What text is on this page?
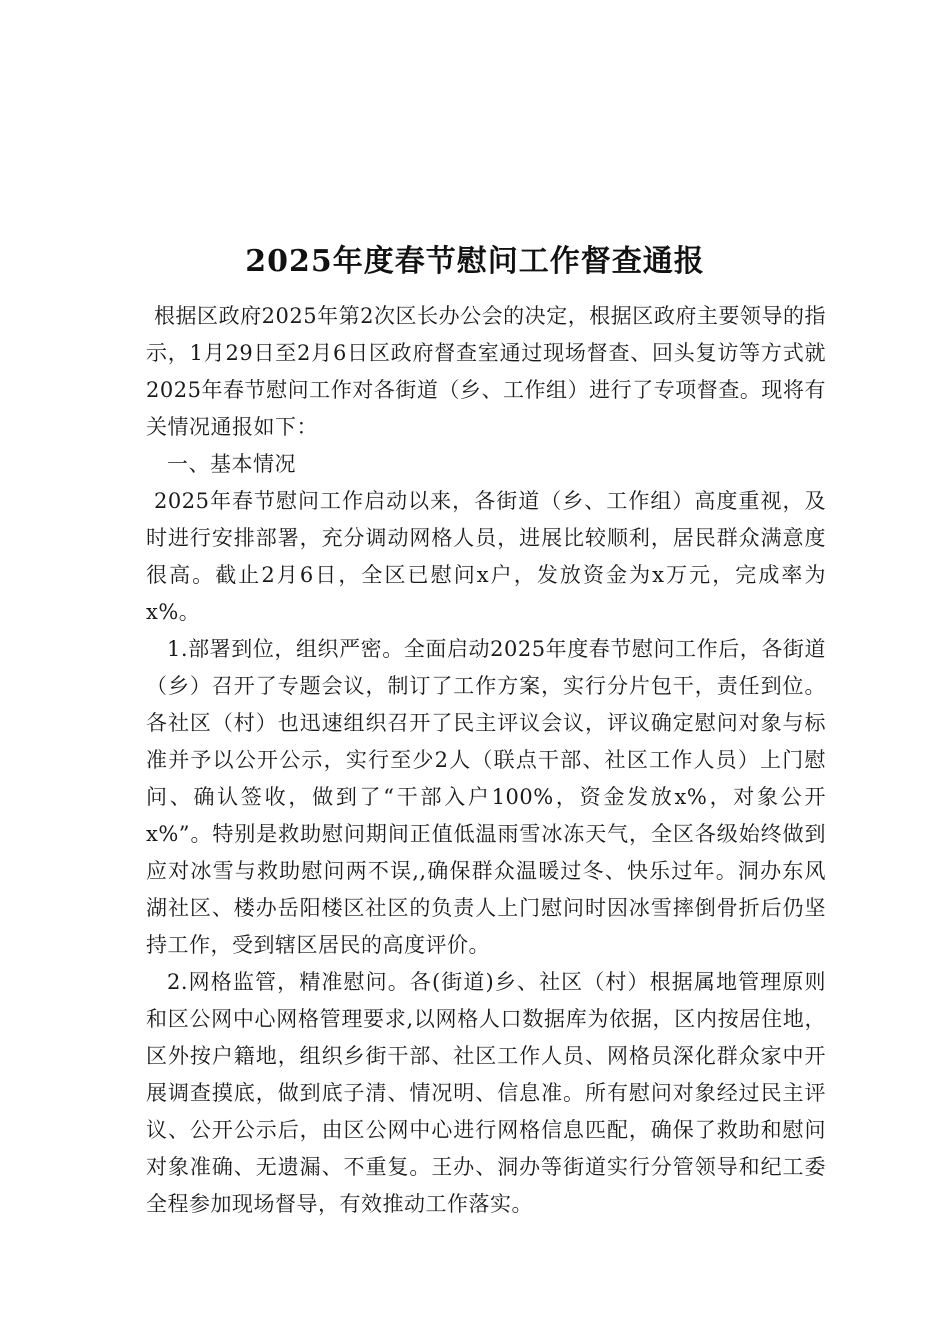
2025年度春节慰问工作督查通报

根据区政府2025年第2次区长办公会的决定，根据区政府主要领导的指示，1月29日至2月6日区政府督查室通过现场督查、回头复访等方式就2025年春节慰问工作对各街道（乡、工作组）进行了专项督查。现将有关情况通报如下：

一、基本情况

2025年春节慰问工作启动以来，各街道（乡、工作组）高度重视，及时进行安排部署，充分调动网格人员，进展比较顺利，居民群众满意度很高。截止2月6日，全区已慰问x户，发放资金为x万元，完成率为x%。

1.部署到位，组织严密。全面启动2025年度春节慰问工作后，各街道（乡）召开了专题会议，制订了工作方案，实行分片包干，责任到位。各社区（村）也迅速组织召开了民主评议会议，评议确定慰问对象与标准并予以公开公示，实行至少2人（联点干部、社区工作人员）上门慰问、确认签收，做到了“干部入户100%，资金发放x%，对象公开x%”。特别是救助慰问期间正值低温雨雪冰冻天气，全区各级始终做到应对冰雪与救助慰问两不误,,确保群众温暖过冬、快乐过年。洞办东风湖社区、楼办岳阳楼区社区的负责人上门慰问时因冰雪摔倒骨折后仍坚持工作，受到辖区居民的高度评价。

2.网格监管，精准慰问。各(街道)乡、社区（村）根据属地管理原则和区公网中心网格管理要求,以网格人口数据库为依据，区内按居住地，区外按户籍地，组织乡街干部、社区工作人员、网格员深化群众家中开展调查摸底，做到底子清、情况明、信息准。所有慰问对象经过民主评议、公开公示后，由区公网中心进行网格信息匹配，确保了救助和慰问对象准确、无遗漏、不重复。王办、洞办等街道实行分管领导和纪工委全程参加现场督导，有效推动工作落实。
